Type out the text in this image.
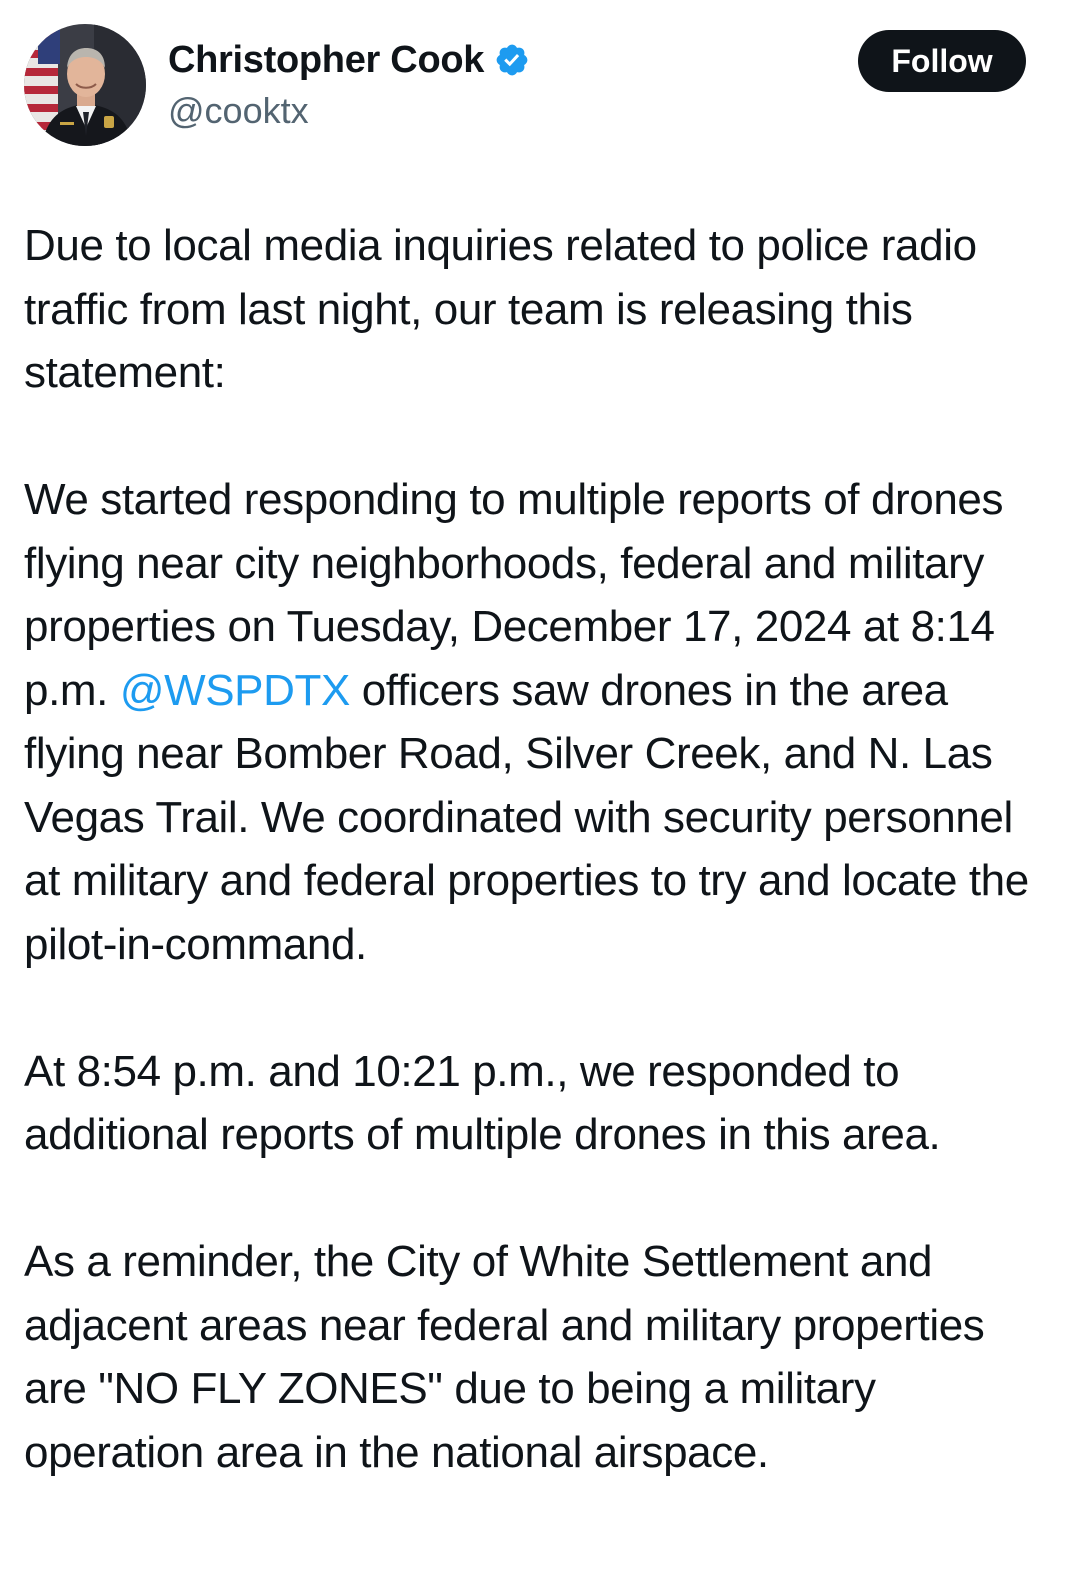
Christopher Cook
@cooktx
Follow

Due to local media inquiries related to police radio traffic from last night, our team is releasing this statement:

We started responding to multiple reports of drones flying near city neighborhoods, federal and military properties on Tuesday, December 17, 2024 at 8:14 p.m. @WSPDTX officers saw drones in the area flying near Bomber Road, Silver Creek, and N. Las Vegas Trail. We coordinated with security personnel at military and federal properties to try and locate the pilot-in-command.

At 8:54 p.m. and 10:21 p.m., we responded to additional reports of multiple drones in this area.

As a reminder, the City of White Settlement and adjacent areas near federal and military properties are "NO FLY ZONES" due to being a military operation area in the national airspace.
